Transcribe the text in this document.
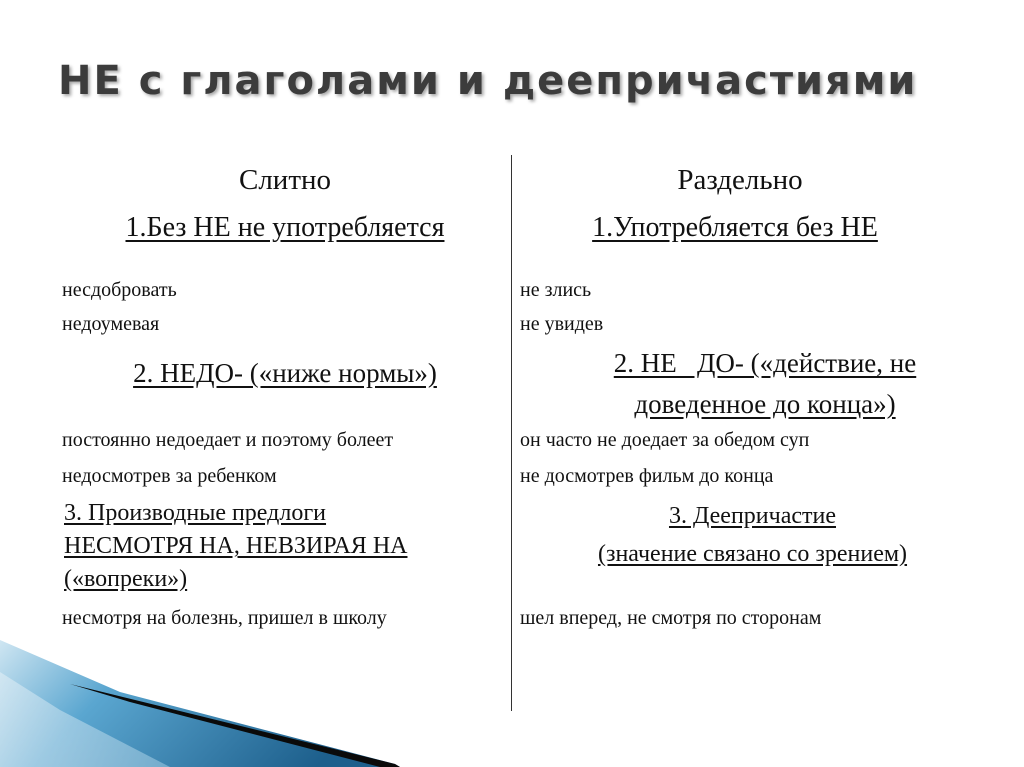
НЕ с глаголами и деепричастиями
Слитно
1.Без НЕ не употребляется
несдобровать
недоумевая
2. НЕДО- («ниже нормы»)
постоянно недоедает и поэтому болеет
недосмотрев за ребенком
3. Производные предлоги
НЕСМОТРЯ НА, НЕВЗИРАЯ НА
(«вопреки»)
несмотря на болезнь, пришел в школу
Раздельно
1.Употребляется без НЕ
не злись
не увидев
2. НЕ   ДО- («действие, не
доведенное до конца»)
он часто не доедает за обедом суп
не досмотрев фильм до конца
3. Деепричастие
(значение связано со зрением)
шел вперед, не смотря по сторонам
